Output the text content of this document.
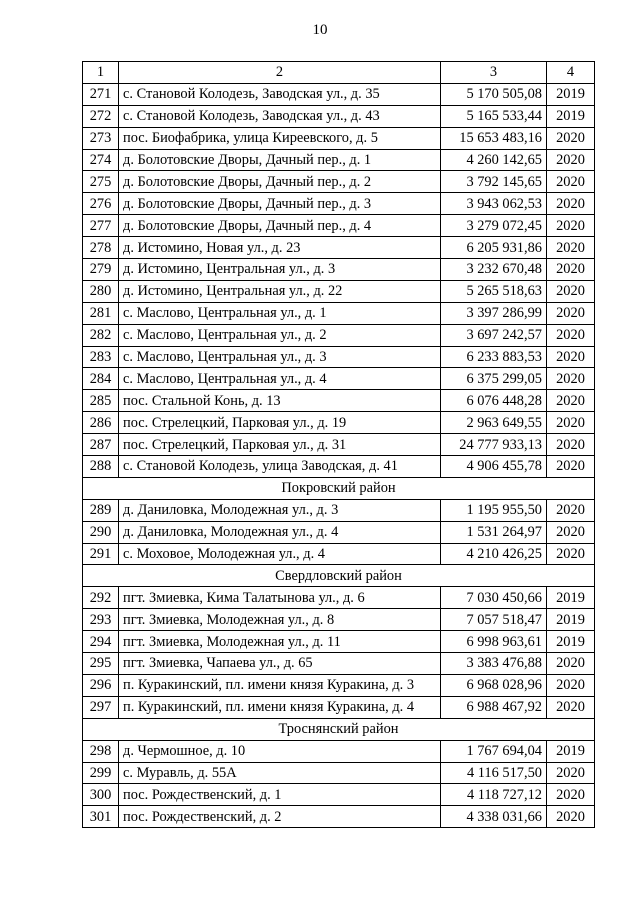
10
1	2	3	4
271	с. Становой Колодезь, Заводская ул., д. 35	5 170 505,08	2019
272	с. Становой Колодезь, Заводская ул., д. 43	5 165 533,44	2019
273	пос. Биофабрика, улица Киреевского, д. 5	15 653 483,16	2020
274	д. Болотовские Дворы, Дачный пер., д. 1	4 260 142,65	2020
275	д. Болотовские Дворы, Дачный пер., д. 2	3 792 145,65	2020
276	д. Болотовские Дворы, Дачный пер., д. 3	3 943 062,53	2020
277	д. Болотовские Дворы, Дачный пер., д. 4	3 279 072,45	2020
278	д. Истомино, Новая ул., д. 23	6 205 931,86	2020
279	д. Истомино, Центральная ул., д. 3	3 232 670,48	2020
280	д. Истомино, Центральная ул., д. 22	5 265 518,63	2020
281	с. Маслово, Центральная ул., д. 1	3 397 286,99	2020
282	с. Маслово, Центральная ул., д. 2	3 697 242,57	2020
283	с. Маслово, Центральная ул., д. 3	6 233 883,53	2020
284	с. Маслово, Центральная ул., д. 4	6 375 299,05	2020
285	пос. Стальной Конь, д. 13	6 076 448,28	2020
286	пос. Стрелецкий, Парковая ул., д. 19	2 963 649,55	2020
287	пос. Стрелецкий, Парковая ул., д. 31	24 777 933,13	2020
288	с. Становой Колодезь, улица Заводская, д. 41	4 906 455,78	2020
Покровский район			
289	д. Даниловка, Молодежная ул., д. 3	1 195 955,50	2020
290	д. Даниловка, Молодежная ул., д. 4	1 531 264,97	2020
291	с. Моховое, Молодежная ул., д. 4	4 210 426,25	2020
Свердловский район			
292	пгт. Змиевка, Кима Талатынова ул., д. 6	7 030 450,66	2019
293	пгт. Змиевка, Молодежная ул., д. 8	7 057 518,47	2019
294	пгт. Змиевка, Молодежная ул., д. 11	6 998 963,61	2019
295	пгт. Змиевка, Чапаева ул., д. 65	3 383 476,88	2020
296	п. Куракинский, пл. имени князя Куракина, д. 3	6 968 028,96	2020
297	п. Куракинский, пл. имени князя Куракина, д. 4	6 988 467,92	2020
Троснянский район			
298	д. Чермошное, д. 10	1 767 694,04	2019
299	с. Муравль, д. 55А	4 116 517,50	2020
300	пос. Рождественский, д. 1	4 118 727,12	2020
301	пос. Рождественский, д. 2	4 338 031,66	2020
